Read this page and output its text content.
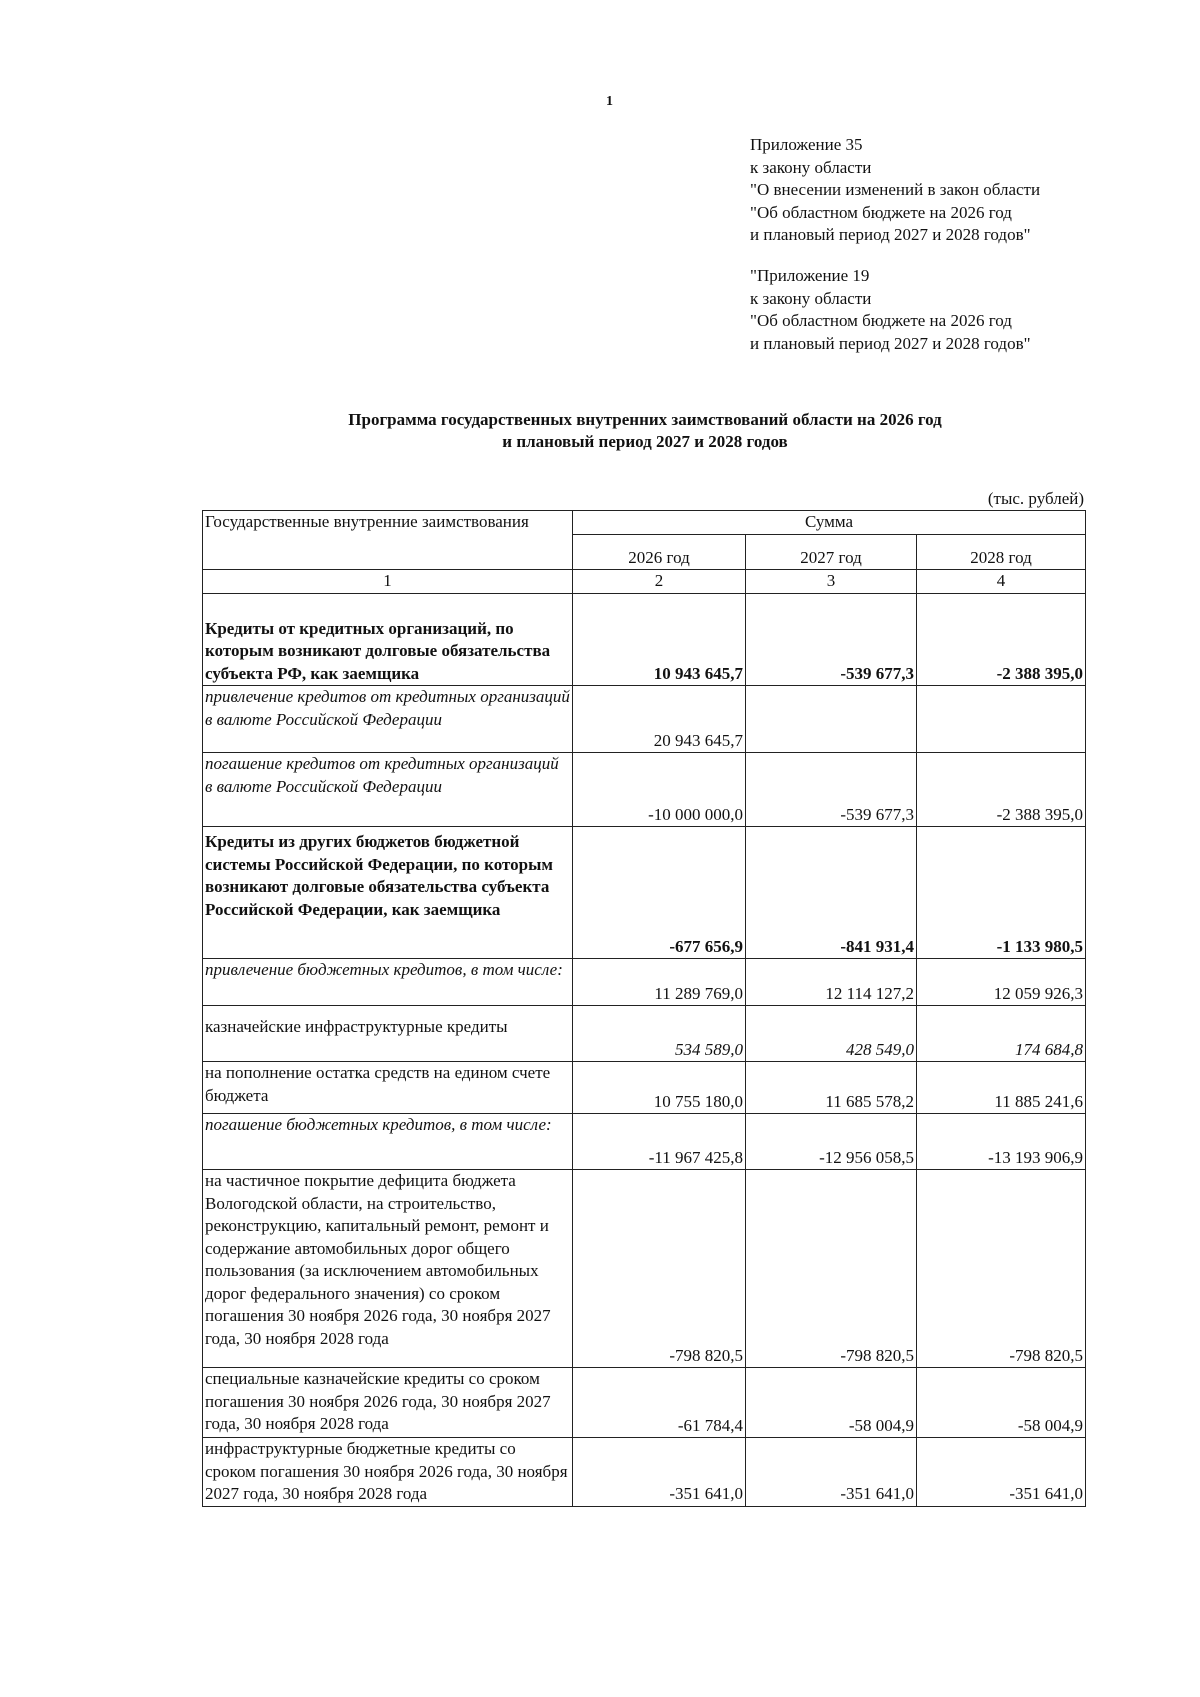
1
Приложение 35
к закону области
"О внесении изменений в закон области
"Об областном бюджете на 2026 год
и плановый период 2027 и 2028 годов"
"Приложение 19
к закону области
"Об областном бюджете на 2026 год
и плановый период 2027 и 2028 годов"
Программа государственных внутренних заимствований области на 2026 год
и плановый период 2027 и 2028 годов
(тыс. рублей)
Государственные внутренние заимствования	Сумма		
	2026 год	2027 год	2028 год
1	2	3	4
Кредиты от кредитных организаций, по которым возникают долговые обязательства субъекта РФ, как заемщика	10 943 645,7	-539 677,3	-2 388 395,0
привлечение кредитов от кредитных организаций в валюте Российской Федерации	20 943 645,7		
погашение кредитов от кредитных организаций в валюте Российской Федерации	-10 000 000,0	-539 677,3	-2 388 395,0
Кредиты из других бюджетов бюджетной системы Российской Федерации, по которым возникают долговые обязательства субъекта Российской Федерации, как заемщика	-677 656,9	-841 931,4	-1 133 980,5
привлечение бюджетных кредитов, в том числе:	11 289 769,0	12 114 127,2	12 059 926,3
казначейские инфраструктурные кредиты	534 589,0	428 549,0	174 684,8
на пополнение остатка средств на едином счете бюджета	10 755 180,0	11 685 578,2	11 885 241,6
погашение бюджетных кредитов, в том числе:	-11 967 425,8	-12 956 058,5	-13 193 906,9
на частичное покрытие дефицита бюджета Вологодской области, на строительство, реконструкцию, капитальный ремонт, ремонт и содержание автомобильных дорог общего пользования (за исключением автомобильных дорог федерального значения) со сроком погашения 30 ноября 2026 года, 30 ноября 2027 года, 30 ноября 2028 года	-798 820,5	-798 820,5	-798 820,5
специальные казначейские кредиты со сроком погашения 30 ноября 2026 года, 30 ноября 2027 года, 30 ноября 2028 года	-61 784,4	-58 004,9	-58 004,9
инфраструктурные бюджетные кредиты со сроком погашения 30 ноября 2026 года, 30 ноября 2027 года, 30 ноября 2028 года	-351 641,0	-351 641,0	-351 641,0
